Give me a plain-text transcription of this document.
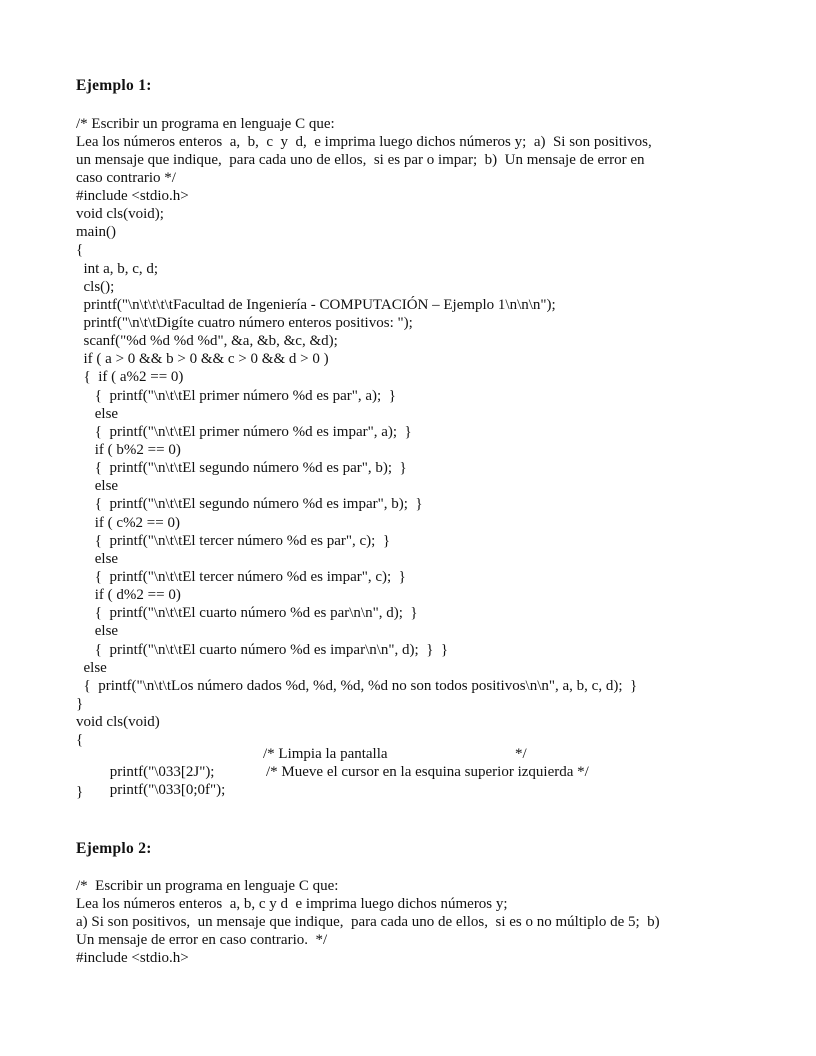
Ejemplo 1:
/* Escribir un programa en lenguaje C que:
Lea los números enteros  a,  b,  c  y  d,  e imprima luego dichos números y;  a)  Si son positivos,
un mensaje que indique,  para cada uno de ellos,  si es par o impar;  b)  Un mensaje de error en
caso contrario */
#include <stdio.h>
void cls(void);
main()
{
int a, b, c, d;
cls();
printf("\n\t\t\t\tFacultad de Ingeniería - COMPUTACIÓN – Ejemplo 1\n\n\n");
printf("\n\t\tDigíte cuatro número enteros positivos: ");
scanf("%d %d %d %d", &a, &b, &c, &d);
if ( a > 0 && b > 0 && c > 0 && d > 0 )
{  if ( a%2 == 0)
{  printf("\n\t\tEl primer número %d es par", a);  }
else
{  printf("\n\t\tEl primer número %d es impar", a);  }
if ( b%2 == 0)
{  printf("\n\t\tEl segundo número %d es par", b);  }
else
{  printf("\n\t\tEl segundo número %d es impar", b);  }
if ( c%2 == 0)
{  printf("\n\t\tEl tercer número %d es par", c);  }
else
{  printf("\n\t\tEl tercer número %d es impar", c);  }
if ( d%2 == 0)
{  printf("\n\t\tEl cuarto número %d es par\n\n", d);  }
else
{  printf("\n\t\tEl cuarto número %d es impar\n\n", d);  }  }
else
{  printf("\n\t\tLos número dados %d, %d, %d, %d no son todos positivos\n\n", a, b, c, d);  }
}
void cls(void)
{

printf("\033[2J");

/* Limpia la pantalla                                  */

printf("\033[0;0f");

/* Mueve el cursor en la esquina superior izquierda */

}
Ejemplo 2:
/*  Escribir un programa en lenguaje C que:
Lea los números enteros  a, b, c y d  e imprima luego dichos números y;
a) Si son positivos,  un mensaje que indique,  para cada uno de ellos,  si es o no múltiplo de 5;  b)
Un mensaje de error en caso contrario.  */
#include <stdio.h>
